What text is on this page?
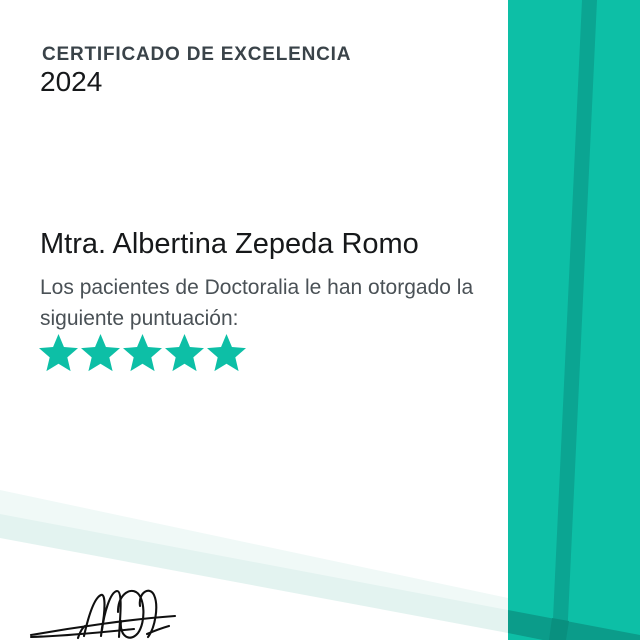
CERTIFICADO DE EXCELENCIA
2024
Mtra. Albertina Zepeda Romo
Los pacientes de Doctoralia le han otorgado la
siguiente puntuación:
